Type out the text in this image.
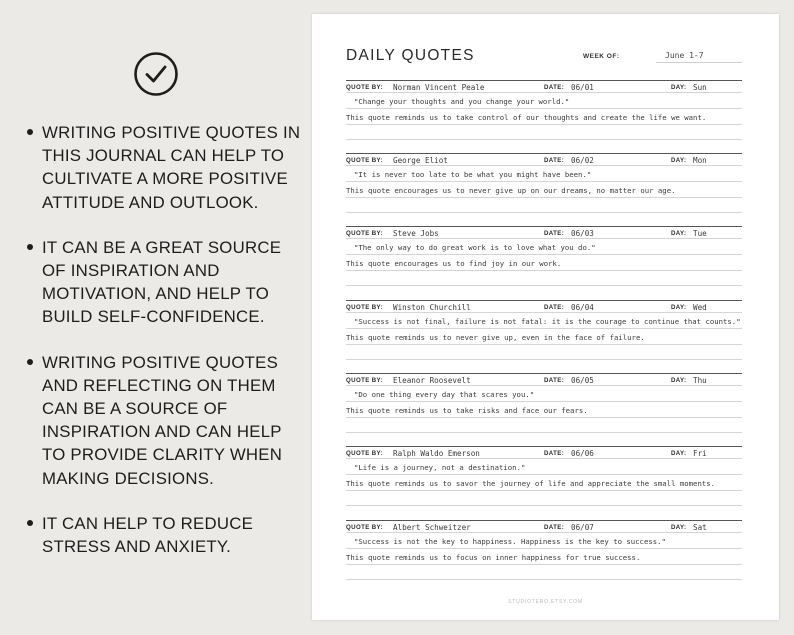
WRITING POSITIVE QUOTES IN THIS JOURNAL CAN HELP TO CULTIVATE A MORE POSITIVE ATTITUDE AND OUTLOOK.
IT CAN BE A GREAT SOURCE OF INSPIRATION AND MOTIVATION, AND HELP TO BUILD SELF-CONFIDENCE.
WRITING POSITIVE QUOTES AND REFLECTING ON THEM CAN BE A SOURCE OF INSPIRATION AND CAN HELP TO PROVIDE CLARITY WHEN MAKING DECISIONS.
IT CAN HELP TO REDUCE STRESS AND ANXIETY.
DAILY QUOTES	WEEK OF:	June 1-7
STUDIOTERO.ETSY.COM
QUOTE BY: Norman Vincent Peale	DATE: 06/01	DAY: Sun
"Change your thoughts and you change your world."
This quote reminds us to take control of our thoughts and create the life we want.
QUOTE BY: George Eliot	DATE: 06/02	DAY: Mon
"It is never too late to be what you might have been."
This quote encourages us to never give up on our dreams, no matter our age.
QUOTE BY: Steve Jobs	DATE: 06/03	DAY: Tue
"The only way to do great work is to love what you do."
This quote encourages us to find joy in our work.
QUOTE BY: Winston Churchill	DATE: 06/04	DAY: Wed
"Success is not final, failure is not fatal: it is the courage to continue that counts."
This quote reminds us to never give up, even in the face of failure.
QUOTE BY: Eleanor Roosevelt	DATE: 06/05	DAY: Thu
"Do one thing every day that scares you."
This quote reminds us to take risks and face our fears.
QUOTE BY: Ralph Waldo Emerson	DATE: 06/06	DAY: Fri
"Life is a journey, not a destination."
This quote reminds us to savor the journey of life and appreciate the small moments.
QUOTE BY: Albert Schweitzer	DATE: 06/07	DAY: Sat
"Success is not the key to happiness. Happiness is the key to success."
This quote reminds us to focus on inner happiness for true success.
